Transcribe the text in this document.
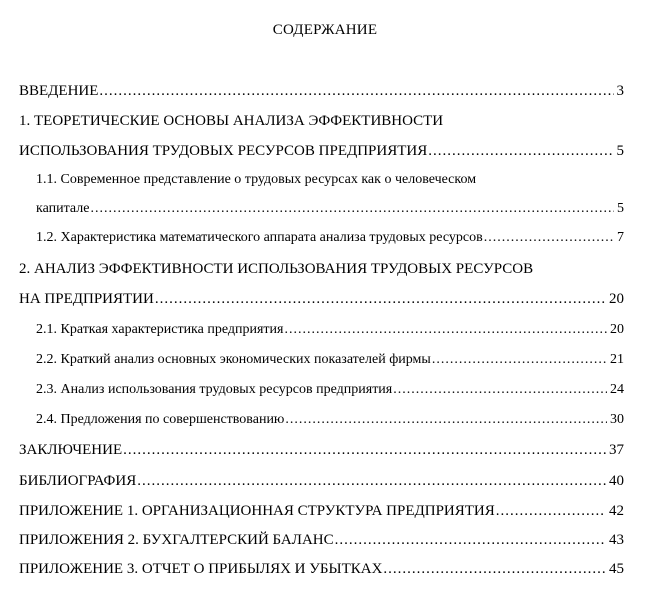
СОДЕРЖАНИЕ
ВВЕДЕНИЕ .....	3
1. ТЕОРЕТИЧЕСКИЕ ОСНОВЫ АНАЛИЗА ЭФФЕКТИВНОСТИ
ИСПОЛЬЗОВАНИЯ ТРУДОВЫХ РЕСУРСОВ ПРЕДПРИЯТИЯ .....	5
1.1. Современное представление о трудовых ресурсах как о человеческом
капитале .....	5
1.2. Характеристика математического аппарата анализа трудовых ресурсов .....	7
2. АНАЛИЗ ЭФФЕКТИВНОСТИ ИСПОЛЬЗОВАНИЯ ТРУДОВЫХ РЕСУРСОВ
НА ПРЕДПРИЯТИИ .....	20
2.1. Краткая характеристика предприятия .....	20
2.2. Краткий анализ основных экономических показателей фирмы .....	21
2.3. Анализ использования трудовых ресурсов предприятия .....	24
2.4. Предложения по совершенствованию .....	30
ЗАКЛЮЧЕНИЕ .....	37
БИБЛИОГРАФИЯ .....	40
ПРИЛОЖЕНИЕ 1. ОРГАНИЗАЦИОННАЯ СТРУКТУРА ПРЕДПРИЯТИЯ .....	42
ПРИЛОЖЕНИЯ 2. БУХГАЛТЕРСКИЙ БАЛАНС .....	43
ПРИЛОЖЕНИЕ 3. ОТЧЕТ О ПРИБЫЛЯХ И УБЫТКАХ .....	45
